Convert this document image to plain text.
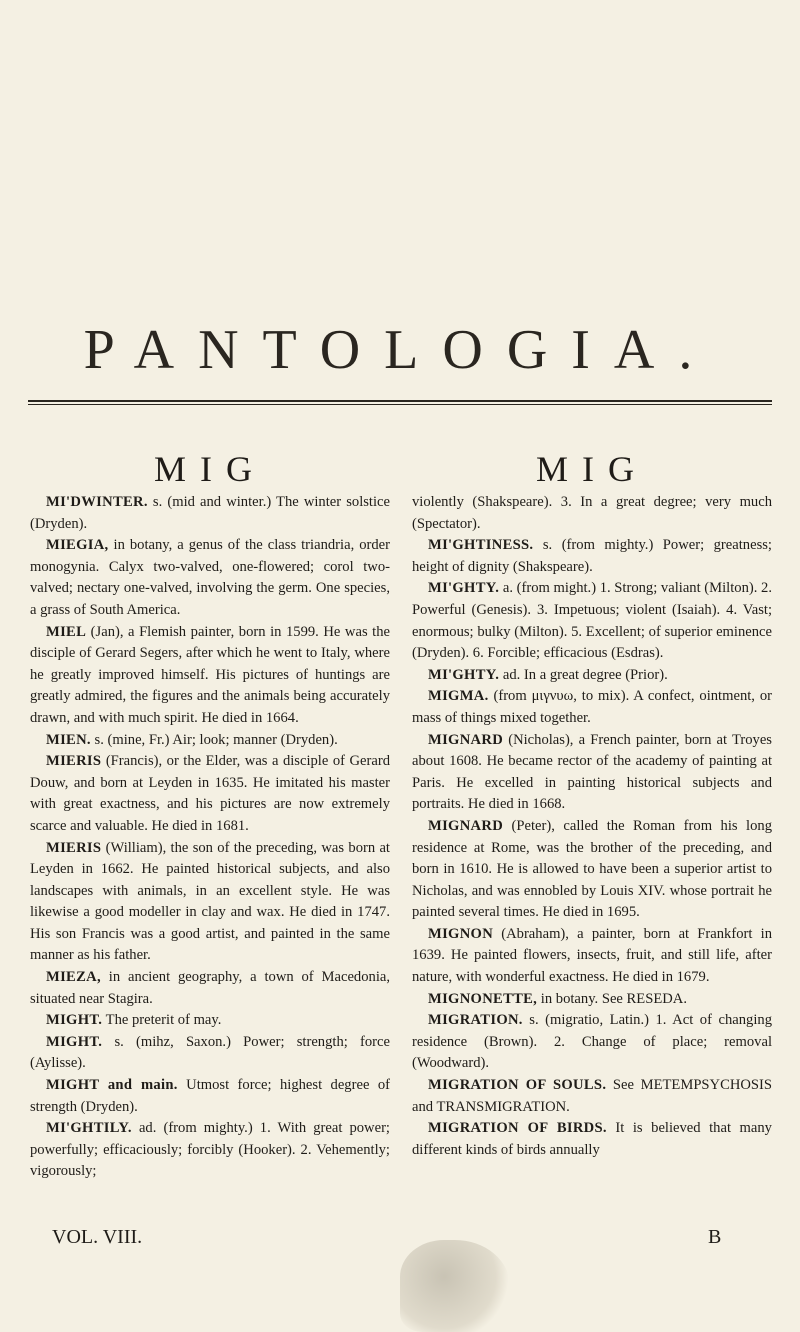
PANTOLOGIA.
MIG	MIG

MI'DWINTER. s. (mid and winter.) The winter solstice (Dryden).

MIEGIA, in botany, a genus of the class triandria, order monogynia. Calyx two-valved, one-flowered; corol two-valved; nectary one-valved, involving the germ. One species, a grass of South America.

MIEL (Jan), a Flemish painter, born in 1599. He was the disciple of Gerard Segers, after which he went to Italy, where he greatly improved himself. His pictures of huntings are greatly admired, the figures and the animals being accurately drawn, and with much spirit. He died in 1664.

MIEN. s. (mine, Fr.) Air; look; manner (Dryden).

MIERIS (Francis), or the Elder, was a disciple of Gerard Douw, and born at Leyden in 1635. He imitated his master with great exactness, and his pictures are now extremely scarce and valuable. He died in 1681.

MIERIS (William), the son of the preceding, was born at Leyden in 1662. He painted historical subjects, and also landscapes with animals, in an excellent style. He was likewise a good modeller in clay and wax. He died in 1747. His son Francis was a good artist, and painted in the same manner as his father.

MIEZA, in ancient geography, a town of Macedonia, situated near Stagira.

MIGHT. The preterit of may.

MIGHT. s. (mihz, Saxon.) Power; strength; force (Aylisse).

MIGHT and main. Utmost force; highest degree of strength (Dryden).

MI'GHTILY. ad. (from mighty.) 1. With great power; powerfully; efficaciously; forcibly (Hooker). 2. Vehemently; vigorously;

violently (Shakspeare). 3. In a great degree; very much (Spectator).

MI'GHTINESS. s. (from mighty.) Power; greatness; height of dignity (Shakspeare).

MI'GHTY. a. (from might.) 1. Strong; valiant (Milton). 2. Powerful (Genesis). 3. Impetuous; violent (Isaiah). 4. Vast; enormous; bulky (Milton). 5. Excellent; of superior eminence (Dryden). 6. Forcible; efficacious (Esdras).

MI'GHTY. ad. In a great degree (Prior).

MIGMA. (from μιγνυω, to mix). A confect, ointment, or mass of things mixed together.

MIGNARD (Nicholas), a French painter, born at Troyes about 1608. He became rector of the academy of painting at Paris. He excelled in painting historical subjects and portraits. He died in 1668.

MIGNARD (Peter), called the Roman from his long residence at Rome, was the brother of the preceding, and born in 1610. He is allowed to have been a superior artist to Nicholas, and was ennobled by Louis XIV. whose portrait he painted several times. He died in 1695.

MIGNON (Abraham), a painter, born at Frankfort in 1639. He painted flowers, insects, fruit, and still life, after nature, with wonderful exactness. He died in 1679.

MIGNONETTE, in botany. See RESEDA.

MIGRATION. s. (migratio, Latin.) 1. Act of changing residence (Brown). 2. Change of place; removal (Woodward).

MIGRATION OF SOULS. See METEMPSYCHOSIS and TRANSMIGRATION.

MIGRATION OF BIRDS. It is believed that many different kinds of birds annually

VOL. VIII.	B
